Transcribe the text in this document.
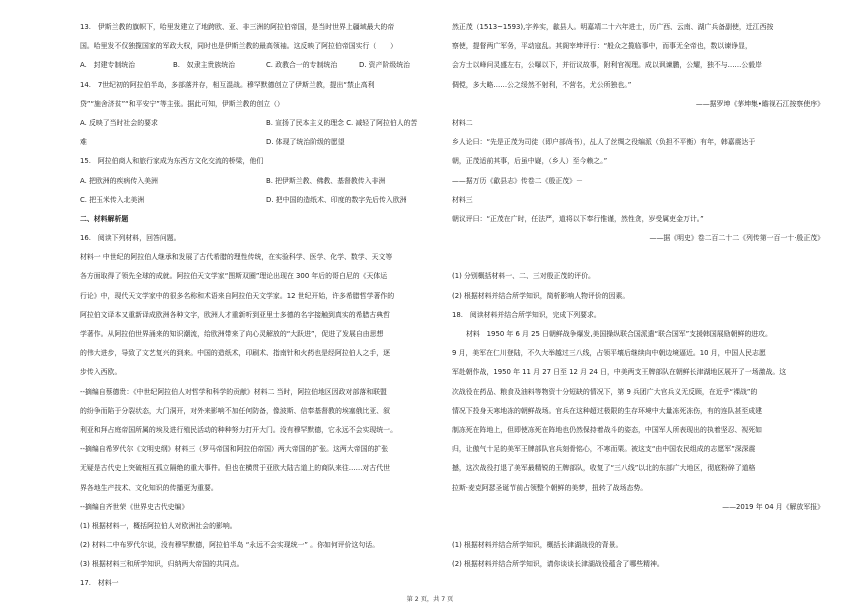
13.　伊斯兰教的旗帜下，哈里发建立了地跨欧、亚、非三洲的阿拉伯帝国，是当时世界上疆域最大的帝
国。哈里发不仅独揽国家的军政大权，同时也是伊斯兰教的最高领袖。这反映了阿拉伯帝国实行（　　）
A.　封建专制统治	B.　奴隶主贵族统治	C. 政教合一的专制统治	D. 资产阶级统治
14.　7世纪初的阿拉伯半岛，多部落并存，相互混战。穆罕默德创立了伊斯兰教，提出“禁止高利
贷”“施舍济贫”“和平安宁”等主张。据此可知，伊斯兰教的创立（）
A. 反映了当时社会的要求	B. 宣扬了民本主义的理念 C. 减轻了阿拉伯人的苦
难	D. 体现了统治阶级的愿望
15.　阿拉伯商人和旅行家成为东西方文化交流的桥梁，他们
A. 把欧洲的疾病传入美洲	B. 把伊斯兰教、佛教、基督教传入非洲
C. 把玉米传入北美洲	D. 把中国的造纸术、印度的数字先后传入欧洲
二、材料解析题
16.　阅读下列材料，回答问题。
材料一 中世纪的阿拉伯人继承和发展了古代希腊的理性传统，在实验科学、医学、化学、数学、天文等
各方面取得了领先全球的成就。阿拉伯天文学家“图斯双圈”理论出现在 300 年后的哥白尼的《天体运
行论》中，现代天文学家中的很多名称和术语来自阿拉伯天文学家。12 世纪开始，许多希腊哲学著作的
阿拉伯文译本又重新译成欧洲各种文字，欧洲人才重新听到亚里士多德的名字接触到真实的希腊古典哲
学著作。从阿拉伯世界涌来的知识潮流，给欧洲带来了向心灵解放的“大跃进”，促进了发展自由思想
的伟大进步，导致了文艺复兴的到来。中国的造纸术，印刷术、指南针和火药也是经阿拉伯人之手，逐
步传入西欧。
--摘编自蔡德贵：《中世纪阿拉伯人对哲学和科学的贡献》材料二 当时，阿拉伯地区因政对部落和联盟
的纷争而陷于分裂状态，大门洞开，对外来影响不加任何防备，像波斯、信奉基督教的埃塞俄比亚、叙
利亚和拜占庭帝国所属的埃及进行殖民活动的种种努力打开大门。没有穆罕默德，它永远不会实现统一。
--摘编自希罗代尔《文明史纲》材料三（罗马帝国和阿拉伯帝国）两大帝国的扩张。这两大帝国的扩张
无疑是古代史上突破相互孤立隔绝的重大事件。但也在横贯于亚欧大陆古道上的商队来往……对古代世
界各地生产技术、文化知识的传播更为重要。
--摘编自齐世荣《世界史古代史编》
(1) 根据材料一，概括阿拉伯人对欧洲社会的影响。
(2) 材料二中布罗代尔说，没有穆罕默德，阿拉伯半岛 “永远不会实现统一” 。你如何评价这句话。
(3) 根据材料三和所学知识，归纳两大帝国的共同点。
17.　材料一
然正茂（1513~1593),字养实，歙县人。明嘉靖二十六年进士，历广西、云南、湖广兵备副使，迁江西按
察使，提督两广军务，平动寇乱。其阁宰坤评行：“般众之揽临事中，而事无全帝也，数以谏诤显，
会方士以峰问灵盛左右，公曝以下，并衍议故事，附利官视理。成以讽谏鹏，公耀，独不与……公毅岸
倜傥，多大略……公之绥然不射利，不营名，尤公所独也。”
——据罗坤《茅坤集•瞻视石江按察使序》
材料二
乡人论曰：“先是正茂为司徒（即户部尚书），乩人了丝绸之役编派（负担不平衡）有年，韩嘉震达于
朝，正茂适前其事，后虽中嶷，（乡人）至今赖之。”
——据万历《歙县志》传卷二《殷正茂》－
材料三
朝议评曰：“正茂在广时，任法严，道将以下奉行惟谨，然性贪，岁受属吏金万计。”
——据《明史》卷二百二十二《列传第一百一十·殷正茂》
(1) 分别概括材料一、二、三对殷正茂的评价。
(2) 根据材料并结合所学知识，简析影响人物评价的因素。
18.　阅读材料并结合所学知识，完成下列要求。
材料　1950 年 6 月 25 日朝鲜战争爆发,美国操纵联合国派遣“联合国军”支援韩国展励朝鲜的进攻。
9 月，美军在仁川登陆，不久大举越过三八线，占领平壤后继续向中朝边境逼近。10 月，中国人民志愿
军赴朝作战，1950 年 11 月 27 日至 12 月 24 日，中美两支王牌部队在朝鲜长津湖地区展开了一场激战。这
次战役在药品、粮食及油料等物资十分短缺的情况下，第 9 兵团广大官兵义无反顾，在近乎“裸战”的
情况下投身天寒地冻的朝鲜战场。官兵在这种超过极限的生存环境中大量冻死冻伤，有的连队甚至成建
制冻死在阵地上，但即使冻死在阵地也仍然保持着战斗的姿态，中国军人所表现出的执着坚忍、视死如
归，让傲气十足的美军王牌部队官兵刻骨铭心，不寒而栗。被这支“由中国农民组成的志愿军”深深震
撼，这次战役打退了美军最精锐的王牌部队，收复了“三八线”以北的东部广大地区，彻底粉碎了道格
拉斯·麦克阿瑟圣诞节前占领整个朝鲜的美梦，扭转了战场态势。
——2019 年 04 月《解放军报》
(1) 根据材料并结合所学知识，概括长津湖战役的背景。
(2) 根据材料并结合所学知识，请你谈谈长津湖战役蕴含了哪些精神。
第 2 页，共 7 页
